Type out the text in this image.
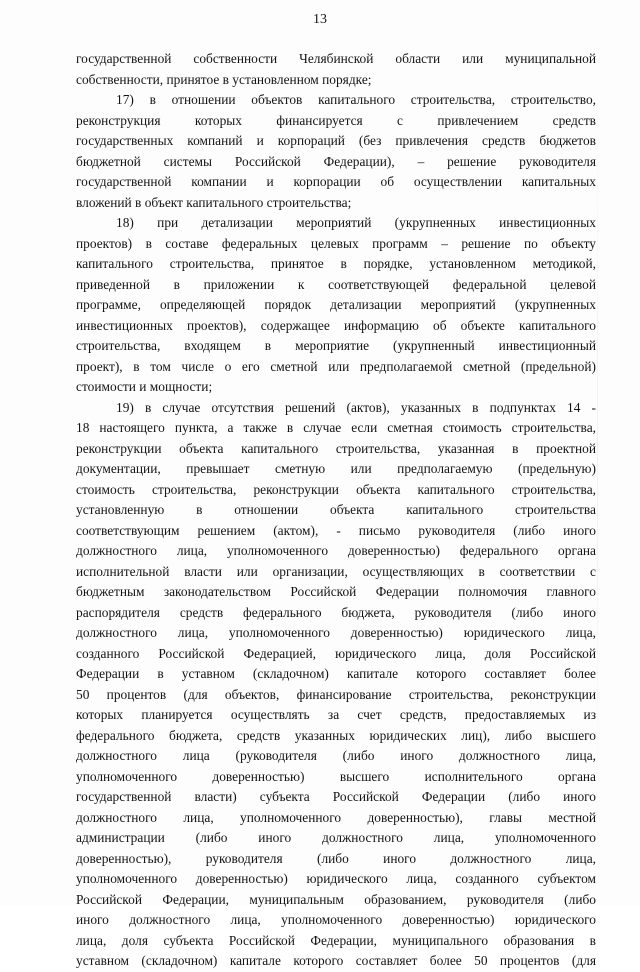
13

государственной собственности Челябинской области или муниципальной

собственности, принятое в установленном порядке;

17) в отношении объектов капитального строительства, строительство,

реконструкция которых финансируется с привлечением средств

государственных компаний и корпораций (без привлечения средств бюджетов

бюджетной системы Российской Федерации), – решение руководителя

государственной компании и корпорации об осуществлении капитальных

вложений в объект капитального строительства;

18) при детализации мероприятий (укрупненных инвестиционных

проектов) в составе федеральных целевых программ – решение по объекту

капитального строительства, принятое в порядке, установленном методикой,

приведенной в приложении к соответствующей федеральной целевой

программе, определяющей порядок детализации мероприятий (укрупненных

инвестиционных проектов), содержащее информацию об объекте капитального

строительства, входящем в мероприятие (укрупненный инвестиционный

проект), в том числе о его сметной или предполагаемой сметной (предельной)

стоимости и мощности;

19) в случае отсутствия решений (актов), указанных в подпунктах 14 -

18 настоящего пункта, а также в случае если сметная стоимость строительства,

реконструкции объекта капитального строительства, указанная в проектной

документации, превышает сметную или предполагаемую (предельную)

стоимость строительства, реконструкции объекта капитального строительства,

установленную в отношении объекта капитального строительства

соответствующим решением (актом), - письмо руководителя (либо иного

должностного лица, уполномоченного доверенностью) федерального органа

исполнительной власти или организации, осуществляющих в соответствии с

бюджетным законодательством Российской Федерации полномочия главного

распорядителя средств федерального бюджета, руководителя (либо иного

должностного лица, уполномоченного доверенностью) юридического лица,

созданного Российской Федерацией, юридического лица, доля Российской

Федерации в уставном (складочном) капитале которого составляет более

50 процентов (для объектов, финансирование строительства, реконструкции

которых планируется осуществлять за счет средств, предоставляемых из

федерального бюджета, средств указанных юридических лиц), либо высшего

должностного лица (руководителя (либо иного должностного лица,

уполномоченного доверенностью) высшего исполнительного органа

государственной власти) субъекта Российской Федерации (либо иного

должностного лица, уполномоченного доверенностью), главы местной

администрации (либо иного должностного лица, уполномоченного

доверенностью), руководителя (либо иного должностного лица,

уполномоченного доверенностью) юридического лица, созданного субъектом

Российской Федерации, муниципальным образованием, руководителя (либо

иного должностного лица, уполномоченного доверенностью) юридического

лица, доля субъекта Российской Федерации, муниципального образования в

уставном (складочном) капитале которого составляет более 50 процентов (для
